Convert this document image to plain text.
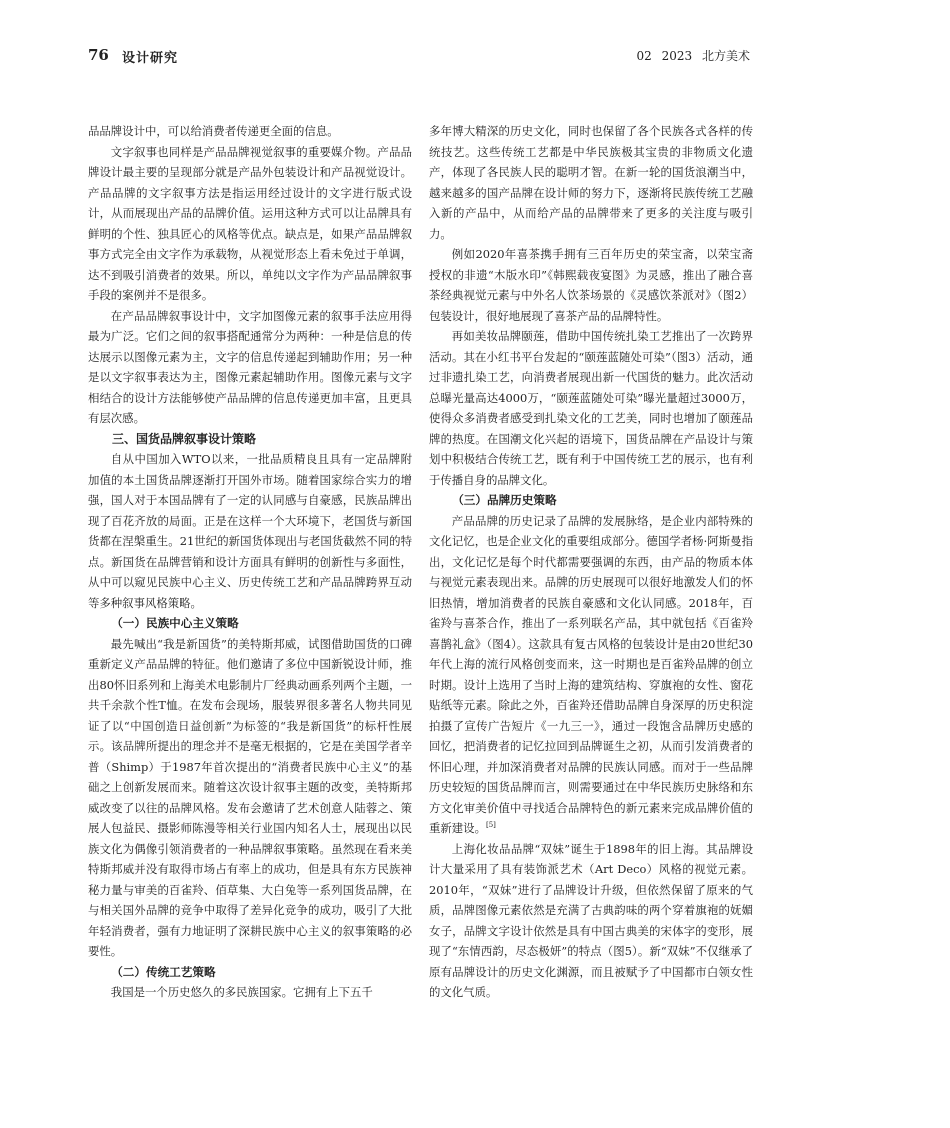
76 设计研究	02 2023 北方美术

品品牌设计中，可以给消费者传递更全面的信息。

文字叙事也同样是产品品牌视觉叙事的重要媒介物。产品品牌设计最主要的呈现部分就是产品外包装设计和产品视觉设计。产品品牌的文字叙事方法是指运用经过设计的文字进行版式设计，从而展现出产品的品牌价值。运用这种方式可以让品牌具有鲜明的个性、独具匠心的风格等优点。缺点是，如果产品品牌叙事方式完全由文字作为承载物，从视觉形态上看未免过于单调，达不到吸引消费者的效果。所以，单纯以文字作为产品品牌叙事手段的案例并不是很多。

在产品品牌叙事设计中，文字加图像元素的叙事手法应用得最为广泛。它们之间的叙事搭配通常分为两种：一种是信息的传达展示以图像元素为主，文字的信息传递起到辅助作用；另一种是以文字叙事表达为主，图像元素起辅助作用。图像元素与文字相结合的设计方法能够使产品品牌的信息传递更加丰富，且更具有层次感。

三、国货品牌叙事设计策略

自从中国加入WTO以来，一批品质精良且具有一定品牌附加值的本土国货品牌逐渐打开国外市场。随着国家综合实力的增强，国人对于本国品牌有了一定的认同感与自豪感，民族品牌出现了百花齐放的局面。正是在这样一个大环境下，老国货与新国货都在涅槃重生。21世纪的新国货体现出与老国货截然不同的特点。新国货在品牌营销和设计方面具有鲜明的创新性与多面性，从中可以窥见民族中心主义、历史传统工艺和产品品牌跨界互动等多种叙事风格策略。

（一）民族中心主义策略

最先喊出“我是新国货”的美特斯邦威，试图借助国货的口碑重新定义产品品牌的特征。他们邀请了多位中国新锐设计师，推出80怀旧系列和上海美术电影制片厂经典动画系列两个主题，一共千余款个性T恤。在发布会现场，服装界很多著名人物共同见证了以“中国创造日益创新”为标签的“我是新国货”的标杆性展示。该品牌所提出的理念并不是毫无根据的，它是在美国学者辛普（Shimp）于1987年首次提出的“消费者民族中心主义”的基础之上创新发展而来。随着这次设计叙事主题的改变，美特斯邦威改变了以往的品牌风格。发布会邀请了艺术创意人陆蓉之、策展人包益民、摄影师陈漫等相关行业国内知名人士，展现出以民族文化为偶像引领消费者的一种品牌叙事策略。虽然现在看来美特斯邦威并没有取得市场占有率上的成功，但是具有东方民族神秘力量与审美的百雀羚、佰草集、大白兔等一系列国货品牌，在与相关国外品牌的竞争中取得了差异化竞争的成功，吸引了大批年轻消费者，强有力地证明了深耕民族中心主义的叙事策略的必要性。

（二）传统工艺策略

我国是一个历史悠久的多民族国家。它拥有上下五千

多年博大精深的历史文化，同时也保留了各个民族各式各样的传统技艺。这些传统工艺都是中华民族极其宝贵的非物质文化遗产，体现了各民族人民的聪明才智。在新一轮的国货浪潮当中，越来越多的国产品牌在设计师的努力下，逐渐将民族传统工艺融入新的产品中，从而给产品的品牌带来了更多的关注度与吸引力。

例如2020年喜茶携手拥有三百年历史的荣宝斋，以荣宝斋授权的非遗“木版水印”《韩熙载夜宴图》为灵感，推出了融合喜茶经典视觉元素与中外名人饮茶场景的《灵感饮茶派对》（图2）包装设计，很好地展现了喜茶产品的品牌特性。

再如美妆品牌颐莲，借助中国传统扎染工艺推出了一次跨界活动。其在小红书平台发起的“颐莲蓝随处可染”（图3）活动，通过非遗扎染工艺，向消费者展现出新一代国货的魅力。此次活动总曝光量高达4000万，“颐莲蓝随处可染”曝光量超过3000万，使得众多消费者感受到扎染文化的工艺美，同时也增加了颐莲品牌的热度。在国潮文化兴起的语境下，国货品牌在产品设计与策划中积极结合传统工艺，既有利于中国传统工艺的展示，也有利于传播自身的品牌文化。

（三）品牌历史策略

产品品牌的历史记录了品牌的发展脉络，是企业内部特殊的文化记忆，也是企业文化的重要组成部分。德国学者杨·阿斯曼指出，文化记忆是每个时代都需要强调的东西，由产品的物质本体与视觉元素表现出来。品牌的历史展现可以很好地激发人们的怀旧热情，增加消费者的民族自豪感和文化认同感。2018年，百雀羚与喜茶合作，推出了一系列联名产品，其中就包括《百雀羚喜鹊礼盒》（图4）。这款具有复古风格的包装设计是由20世纪30年代上海的流行风格创变而来，这一时期也是百雀羚品牌的创立时期。设计上选用了当时上海的建筑结构、穿旗袍的女性、窗花贴纸等元素。除此之外，百雀羚还借助品牌自身深厚的历史积淀拍摄了宣传广告短片《一九三一》，通过一段饱含品牌历史感的回忆，把消费者的记忆拉回到品牌诞生之初，从而引发消费者的怀旧心理，并加深消费者对品牌的民族认同感。而对于一些品牌历史较短的国货品牌而言，则需要通过在中华民族历史脉络和东方文化审美价值中寻找适合品牌特色的新元素来完成品牌价值的重新建设。[5]

上海化妆品品牌“双妹”诞生于1898年的旧上海。其品牌设计大量采用了具有装饰派艺术（Art Deco）风格的视觉元素。2010年，“双妹”进行了品牌设计升级，但依然保留了原来的气质，品牌图像元素依然是充满了古典韵味的两个穿着旗袍的妩媚女子，品牌文字设计依然是具有中国古典美的宋体字的变形，展现了“东情西韵，尽态极妍”的特点（图5）。新“双妹”不仅继承了原有品牌设计的历史文化渊源，而且被赋予了中国都市白领女性的文化气质。
